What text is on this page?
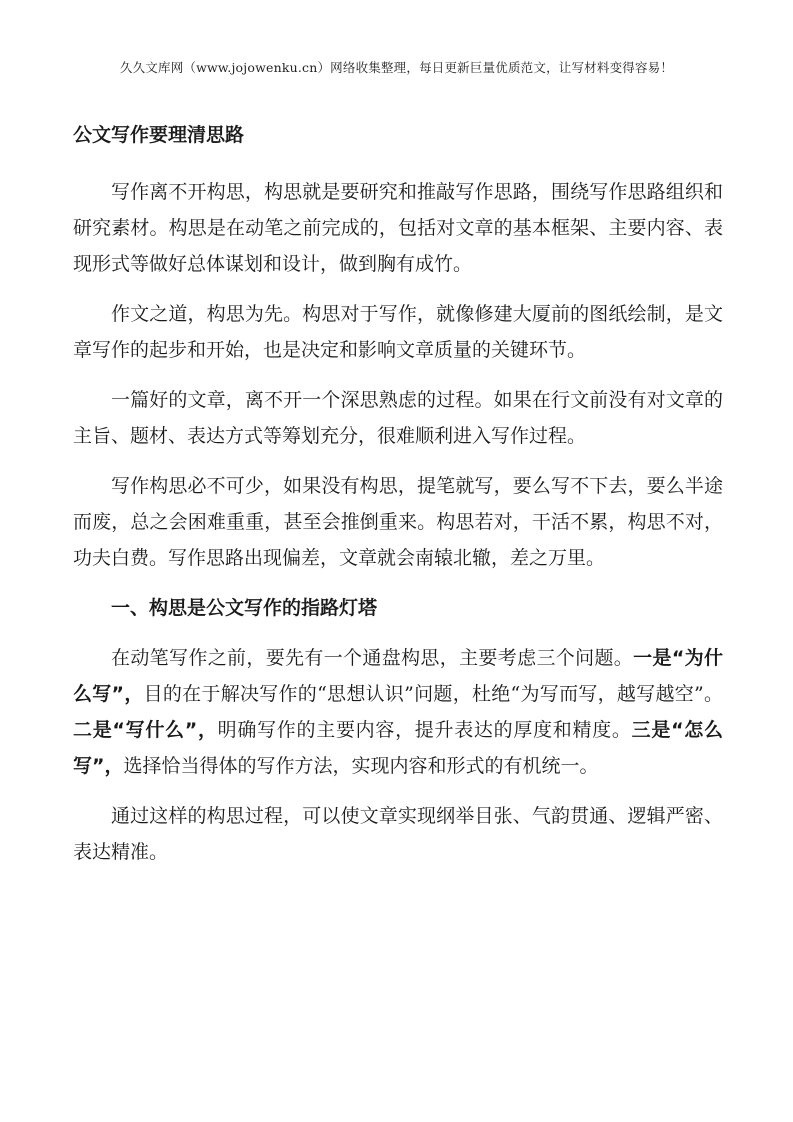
久久文库网（www.jojowenku.cn）网络收集整理，每日更新巨量优质范文，让写材料变得容易！
公文写作要理清思路

写作离不开构思，构思就是要研究和推敲写作思路，围绕写作思路组织和研究素材。构思是在动笔之前完成的，包括对文章的基本框架、主要内容、表现形式等做好总体谋划和设计，做到胸有成竹。

作文之道，构思为先。构思对于写作，就像修建大厦前的图纸绘制，是文章写作的起步和开始，也是决定和影响文章质量的关键环节。

一篇好的文章，离不开一个深思熟虑的过程。如果在行文前没有对文章的主旨、题材、表达方式等筹划充分，很难顺利进入写作过程。

写作构思必不可少，如果没有构思，提笔就写，要么写不下去，要么半途而废，总之会困难重重，甚至会推倒重来。构思若对，干活不累，构思不对，功夫白费。写作思路出现偏差，文章就会南辕北辙，差之万里。

一、构思是公文写作的指路灯塔

在动笔写作之前，要先有一个通盘构思，主要考虑三个问题。一是“为什么写”，目的在于解决写作的“思想认识”问题，杜绝“为写而写，越写越空”。二是“写什么”，明确写作的主要内容，提升表达的厚度和精度。三是“怎么写”，选择恰当得体的写作方法，实现内容和形式的有机统一。

通过这样的构思过程，可以使文章实现纲举目张、气韵贯通、逻辑严密、表达精准。
